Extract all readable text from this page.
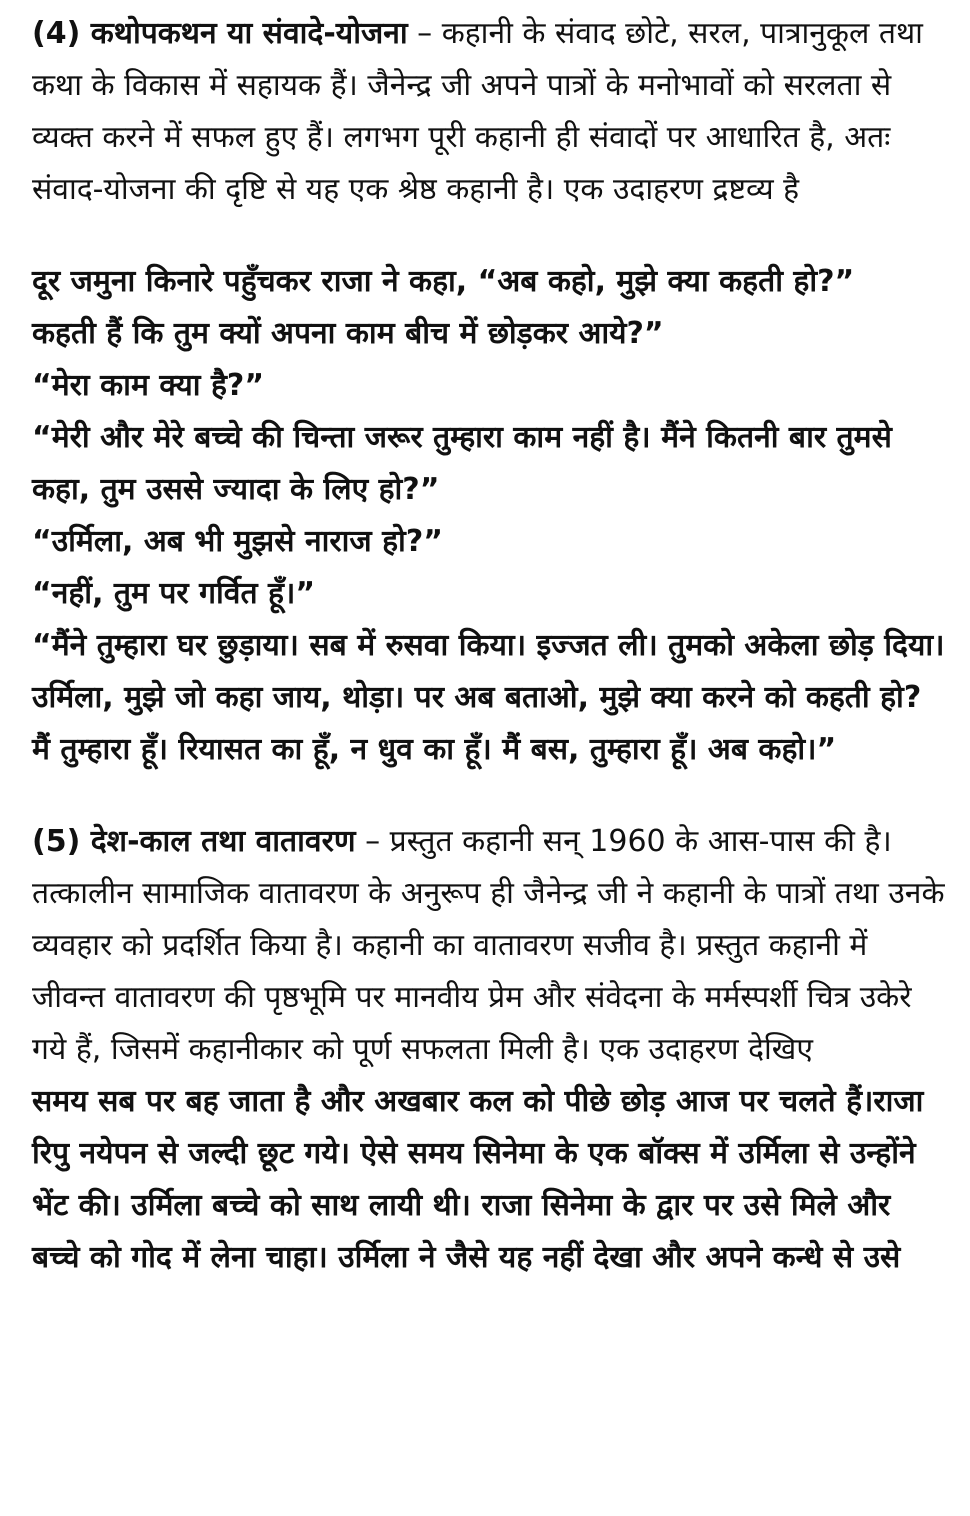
(4) कथोपकथन या संवादे-योजना – कहानी के संवाद छोटे, सरल, पात्रानुकूल तथा कथा के विकास में सहायक हैं। जैनेन्द्र जी अपने पात्रों के मनोभावों को सरलता से व्यक्त करने में सफल हुए हैं। लगभग पूरी कहानी ही संवादों पर आधारित है, अतः संवाद-योजना की दृष्टि से यह एक श्रेष्ठ कहानी है। एक उदाहरण द्रष्टव्य है

दूर जमुना किनारे पहुँचकर राजा ने कहा, “अब कहो, मुझे क्या कहती हो?”
कहती हैं कि तुम क्यों अपना काम बीच में छोड़कर आये?”
“मेरा काम क्या है?”
“मेरी और मेरे बच्चे की चिन्ता जरूर तुम्हारा काम नहीं है। मैंने कितनी बार तुमसे कहा, तुम उससे ज्यादा के लिए हो?”
“उर्मिला, अब भी मुझसे नाराज हो?”
“नहीं, तुम पर गर्वित हूँ।”
“मैंने तुम्हारा घर छुड़ाया। सब में रुसवा किया। इज्जत ली। तुमको अकेला छोड़ दिया। उर्मिला, मुझे जो कहा जाय, थोड़ा। पर अब बताओ, मुझे क्या करने को कहती हो? मैं तुम्हारा हूँ। रियासत का हूँ, न धुव का हूँ। मैं बस, तुम्हारा हूँ। अब कहो।”

(5) देश-काल तथा वातावरण – प्रस्तुत कहानी सन् 1960 के आस-पास की है। तत्कालीन सामाजिक वातावरण के अनुरूप ही जैनेन्द्र जी ने कहानी के पात्रों तथा उनके व्यवहार को प्रदर्शित किया है। कहानी का वातावरण सजीव है। प्रस्तुत कहानी में जीवन्त वातावरण की पृष्ठभूमि पर मानवीय प्रेम और संवेदना के मर्मस्पर्शी चित्र उकेरे गये हैं, जिसमें कहानीकार को पूर्ण सफलता मिली है। एक उदाहरण देखिए

समय सब पर बह जाता है और अखबार कल को पीछे छोड़ आज पर चलते हैं।राजा रिपु नयेपन से जल्दी छूट गये। ऐसे समय सिनेमा के एक बॉक्स में उर्मिला से उन्होंने भेंट की। उर्मिला बच्चे को साथ लायी थी। राजा सिनेमा के द्वार पर उसे मिले और बच्चे को गोद में लेना चाहा। उर्मिला ने जैसे यह नहीं देखा और अपने कन्धे से उसे
